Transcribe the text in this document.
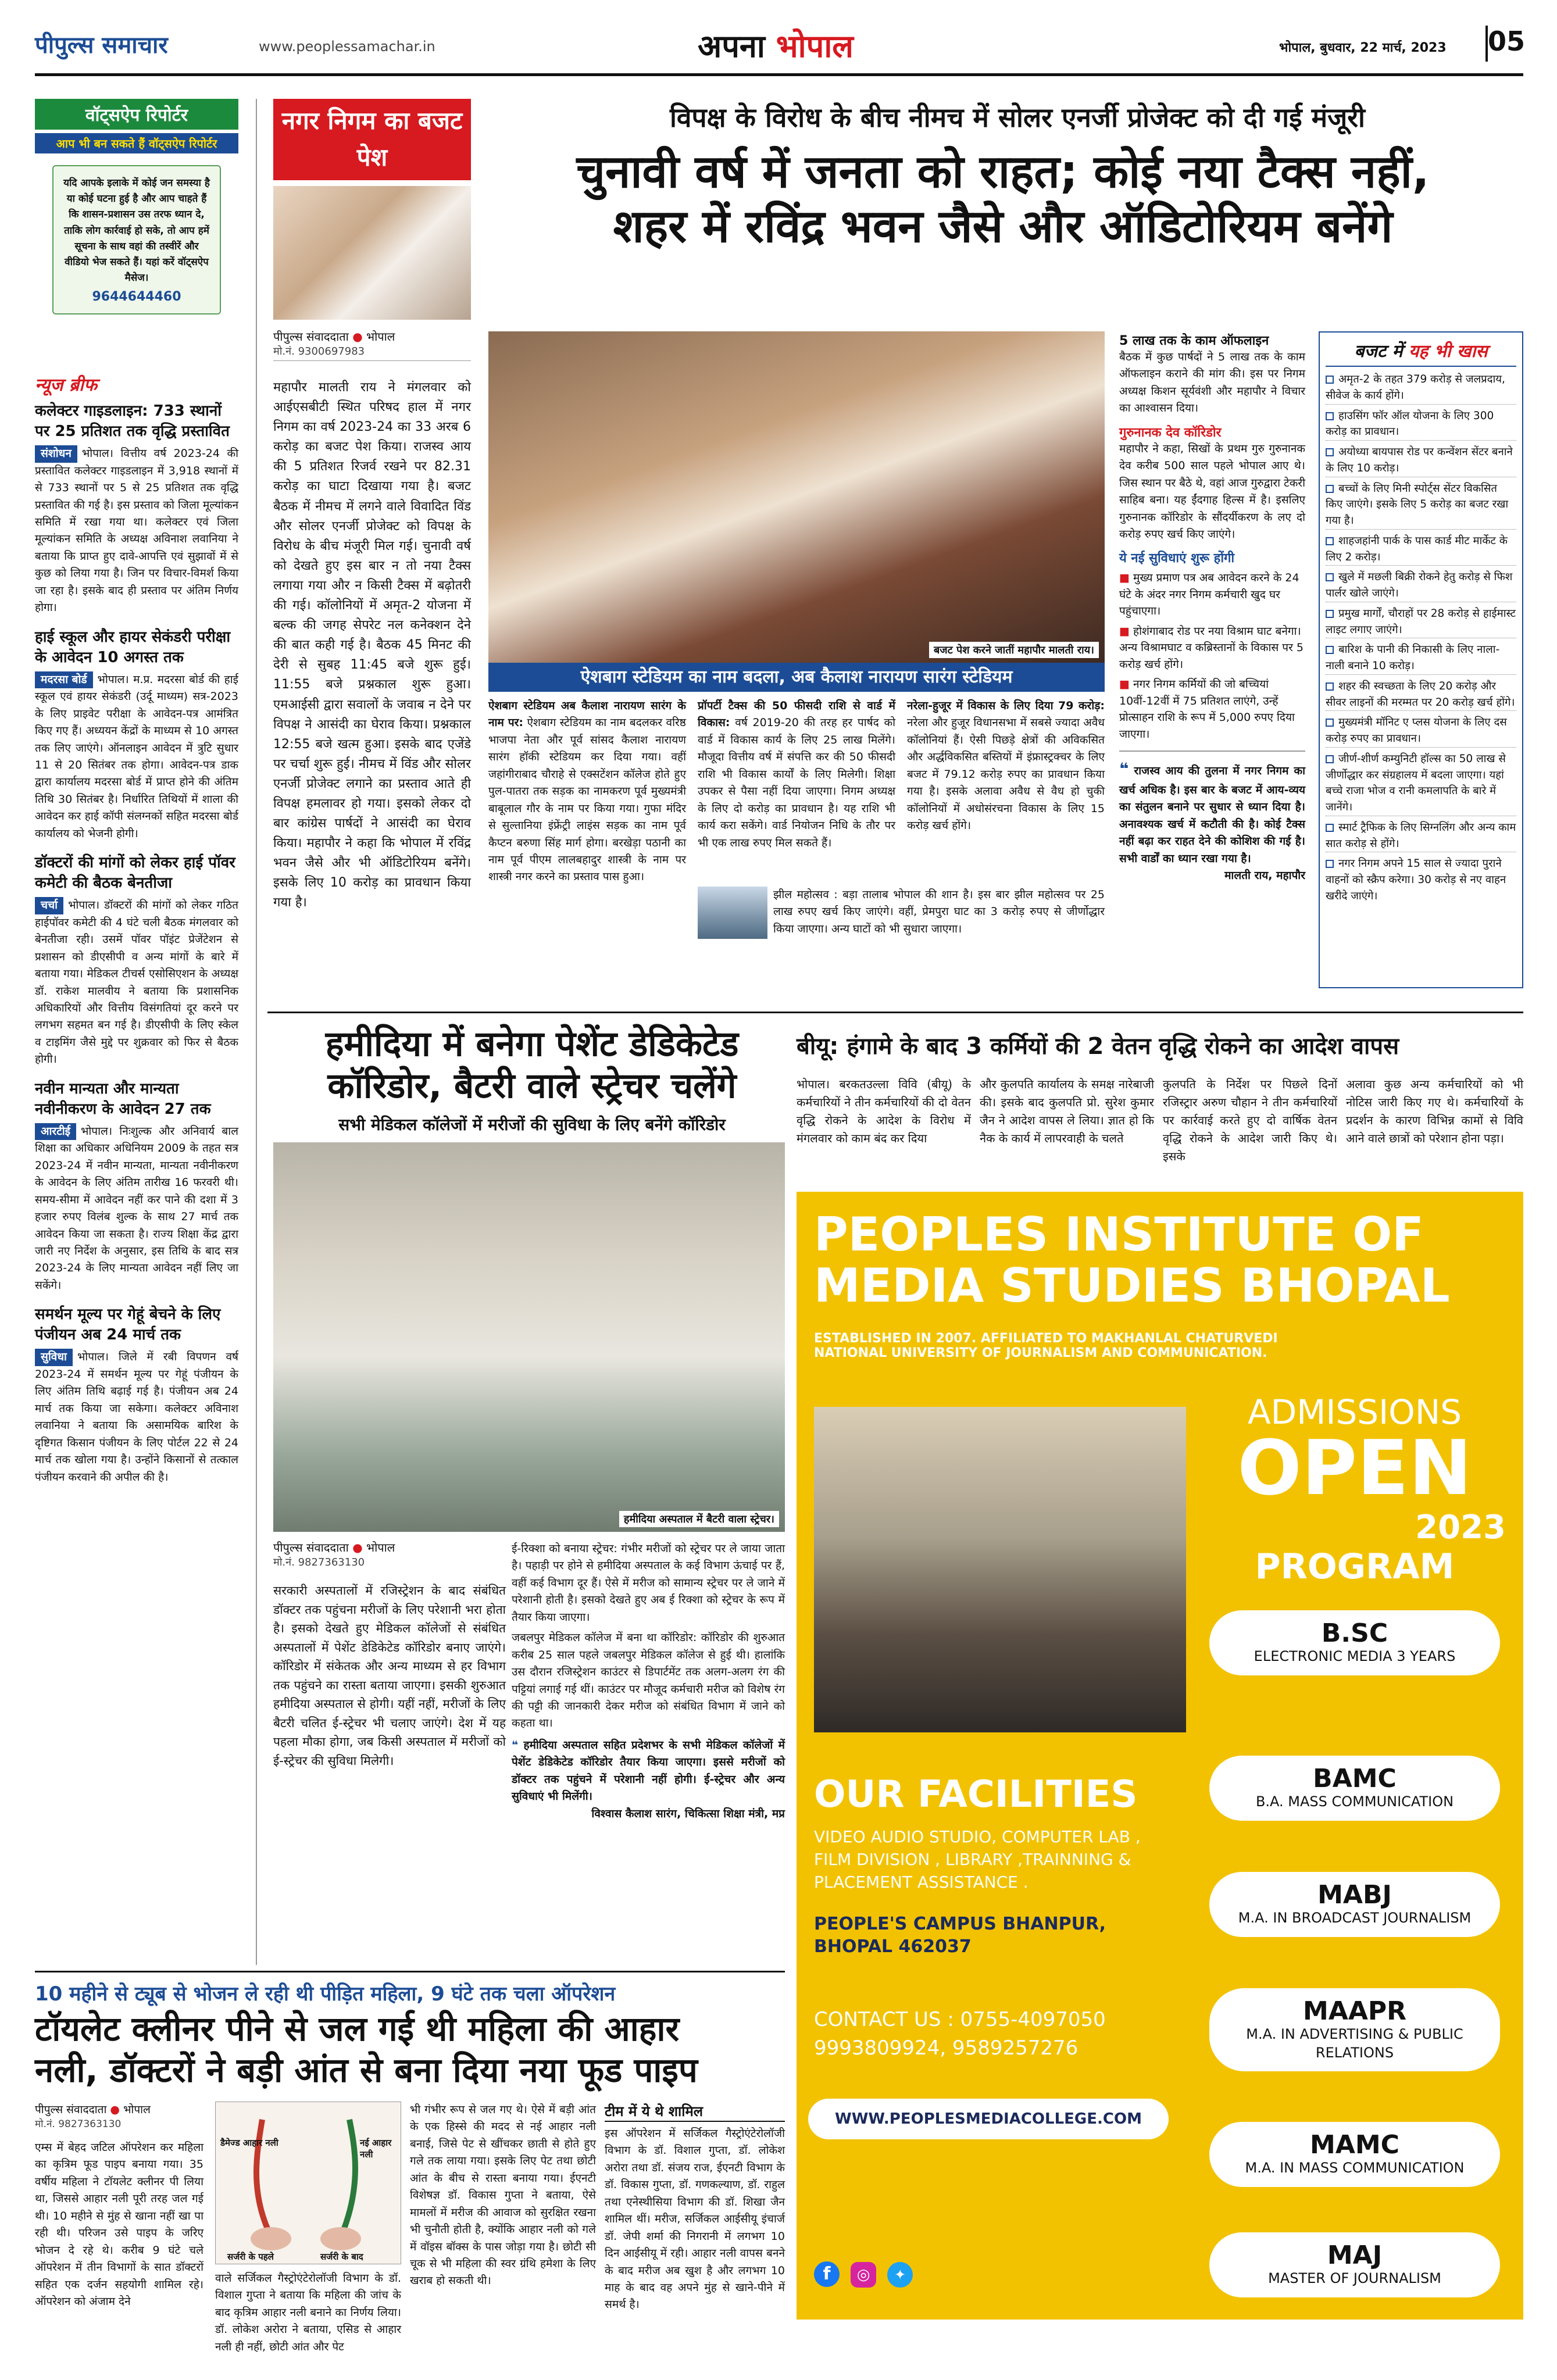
पीपुल्स समाचार	www.peoplessamachar.in	अपना भोपाल	भोपाल, बुधवार, 22 मार्च, 2023 05
वॉट्सऐप रिपोर्टर
आप भी बन सकते हैं वॉट्सऐप रिपोर्टर
यदि आपके इलाके में कोई जन समस्या है या कोई घटना हुई है और आप चाहते हैं कि शासन-प्रशासन उस तरफ ध्यान दे, ताकि लोग कार्रवाई हो सके, तो आप हमें सूचना के साथ वहां की तस्वीरें और वीडियो भेज सकते हैं। यहां करें वॉट्सऐप मैसेज।
9644644460
न्यूज ब्रीफ
कलेक्टर गाइडलाइन: 733 स्थानों पर 25 प्रतिशत तक वृद्धि प्रस्तावित
संशोधन भोपाल। वित्तीय वर्ष 2023-24 की प्रस्तावित कलेक्टर गाइडलाइन में 3,918 स्थानों में से 733 स्थानों पर 5 से 25 प्रतिशत तक वृद्धि प्रस्तावित की गई है। इस प्रस्ताव को जिला मूल्यांकन समिति में रखा गया था। कलेक्टर एवं जिला मूल्यांकन समिति के अध्यक्ष अविनाश लवानिया ने बताया कि प्राप्त हुए दावे-आपत्ति एवं सुझावों में से कुछ को लिया गया है। जिन पर विचार-विमर्श किया जा रहा है। इसके बाद ही प्रस्ताव पर अंतिम निर्णय होगा।
हाई स्कूल और हायर सेकंडरी परीक्षा के आवेदन 10 अगस्त तक
मदरसा बोर्ड भोपाल। म.प्र. मदरसा बोर्ड की हाई स्कूल एवं हायर सेकंडरी (उर्दू माध्यम) सत्र-2023 के लिए प्राइवेट परीक्षा के आवेदन-पत्र आमंत्रित किए गए हैं। अध्ययन केंद्रों के माध्यम से 10 अगस्त तक लिए जाएंगे। ऑनलाइन आवेदन में त्रुटि सुधार 11 से 20 सितंबर तक होगा। आवेदन-पत्र डाक द्वारा कार्यालय मदरसा बोर्ड में प्राप्त होने की अंतिम तिथि 30 सितंबर है। निर्धारित तिथियों में शाला की आवेदन कर हाई कॉपी संलग्नकों सहित मदरसा बोर्ड कार्यालय को भेजनी होगी।
डॉक्टरों की मांगों को लेकर हाई पॉवर कमेटी की बैठक बेनतीजा
चर्चा भोपाल। डॉक्टरों की मांगों को लेकर गठित हाईपॉवर कमेटी की 4 घंटे चली बैठक मंगलवार को बेनतीजा रही। उसमें पॉवर पॉइंट प्रेजेंटेशन से प्रशासन को डीएसीपी व अन्य मांगों के बारे में बताया गया। मेडिकल टीचर्स एसोसिएशन के अध्यक्ष डॉ. राकेश मालवीय ने बताया कि प्रशासनिक अधिकारियों और वित्तीय विसंगतियां दूर करने पर लगभग सहमत बन गई है। डीएसीपी के लिए स्केल व टाइमिंग जैसे मुद्दे पर शुक्रवार को फिर से बैठक होगी।
नवीन मान्यता और मान्यता नवीनीकरण के आवेदन 27 तक
आरटीई भोपाल। निःशुल्क और अनिवार्य बाल शिक्षा का अधिकार अधिनियम 2009 के तहत सत्र 2023-24 में नवीन मान्यता, मान्यता नवीनीकरण के आवेदन के लिए अंतिम तारीख 16 फरवरी थी। समय-सीमा में आवेदन नहीं कर पाने की दशा में 3 हजार रुपए विलंब शुल्क के साथ 27 मार्च तक आवेदन किया जा सकता है। राज्य शिक्षा केंद्र द्वारा जारी नए निर्देश के अनुसार, इस तिथि के बाद सत्र 2023-24 के लिए मान्यता आवेदन नहीं लिए जा सकेंगे।
समर्थन मूल्य पर गेहूं बेचने के लिए पंजीयन अब 24 मार्च तक
सुविधा भोपाल। जिले में रबी विपणन वर्ष 2023-24 में समर्थन मूल्य पर गेहूं पंजीयन के लिए अंतिम तिथि बढ़ाई गई है। पंजीयन अब 24 मार्च तक किया जा सकेगा। कलेक्टर अविनाश लवानिया ने बताया कि असामयिक बारिश के दृष्टिगत किसान पंजीयन के लिए पोर्टल 22 से 24 मार्च तक खोला गया है। उन्होंने किसानों से तत्काल पंजीयन करवाने की अपील की है।
नगर निगम का बजट पेश
विपक्ष के विरोध के बीच नीमच में सोलर एनर्जी प्रोजेक्ट को दी गई मंजूरी
चुनावी वर्ष में जनता को राहत; कोई नया टैक्स नहीं,
शहर में रविंद्र भवन जैसे और ऑडिटोरियम बनेंगे
पीपुल्स संवाददाता ● भोपाल
मो.नं. 9300697983
महापौर मालती राय ने मंगलवार को आईएसबीटी स्थित परिषद हाल में नगर निगम का वर्ष 2023-24 का 33 अरब 6 करोड़ का बजट पेश किया। राजस्व आय की 5 प्रतिशत रिजर्व रखने पर 82.31 करोड़ का घाटा दिखाया गया है। बजट बैठक में नीमच में लगने वाले विवादित विंड और सोलर एनर्जी प्रोजेक्ट को विपक्ष के विरोध के बीच मंजूरी मिल गई। चुनावी वर्ष को देखते हुए इस बार न तो नया टैक्स लगाया गया और न किसी टैक्स में बढ़ोतरी की गई। कॉलोनियों में अमृत-2 योजना में बल्क की जगह सेपरेट नल कनेक्शन देने की बात कही गई है। बैठक 45 मिनट की देरी से सुबह 11:45 बजे शुरू हुई। 11:55 बजे प्रश्नकाल शुरू हुआ। एमआईसी द्वारा सवालों के जवाब न देने पर विपक्ष ने आसंदी का घेराव किया। प्रश्नकाल 12:55 बजे खत्म हुआ। इसके बाद एजेंडे पर चर्चा शुरू हुई। नीमच में विंड और सोलर एनर्जी प्रोजेक्ट लगाने का प्रस्ताव आते ही विपक्ष हमलावर हो गया। इसको लेकर दो बार कांग्रेस पार्षदों ने आसंदी का घेराव किया। महापौर ने कहा कि भोपाल में रविंद्र भवन जैसे और भी ऑडिटोरियम बनेंगे। इसके लिए 10 करोड़ का प्रावधान किया गया है।
बजट पेश करने जातीं महापौर मालती राय।
ऐशबाग स्टेडियम का नाम बदला, अब कैलाश नारायण सारंग स्टेडियम
ऐशबाग स्टेडियम अब कैलाश नारायण सारंग के नाम पर: ऐशबाग स्टेडियम का नाम बदलकर वरिष्ठ भाजपा नेता और पूर्व सांसद कैलाश नारायण सारंग हॉकी स्टेडियम कर दिया गया। वहीं जहांगीराबाद चौराहे से एक्सटेंशन कॉलेज होते हुए पुल-पातरा तक सड़क का नामकरण पूर्व मुख्यमंत्री बाबूलाल गौर के नाम पर किया गया। गुफा मंदिर से सुल्तानिया इंफ्रेंट्री लाइंस सड़क का नाम पूर्व कैप्टन बरुणा सिंह मार्ग होगा। बरखेड़ा पठानी का नाम पूर्व पीएम लालबहादुर शास्त्री के नाम पर शास्त्री नगर करने का प्रस्ताव पास हुआ।
प्रॉपर्टी टैक्स की 50 फीसदी राशि से वार्ड में विकास: वर्ष 2019-20 की तरह हर पार्षद को वार्ड में विकास कार्य के लिए 25 लाख मिलेंगे। मौजूदा वित्तीय वर्ष में संपत्ति कर की 50 फीसदी राशि भी विकास कार्यों के लिए मिलेगी। शिक्षा उपकर से पैसा नहीं दिया जाएगा। निगम अध्यक्ष के लिए दो करोड़ का प्रावधान है। यह राशि भी कार्य करा सकेंगे। वार्ड नियोजन निधि के तौर पर भी एक लाख रुपए मिल सकते हैं।
नरेला-हुजूर में विकास के लिए दिया 79 करोड़: नरेला और हुजूर विधानसभा में सबसे ज्यादा अवैध कॉलोनियां हैं। ऐसी पिछड़े क्षेत्रों की अविकसित और अर्द्धविकसित बस्तियों में इंफ्रास्ट्रक्चर के लिए बजट में 79.12 करोड़ रुपए का प्रावधान किया गया है। इसके अलावा अवैध से वैध हो चुकी कॉलोनियों में अधोसंरचना विकास के लिए 15 करोड़ खर्च होंगे।
झील महोत्सव : बड़ा तालाब भोपाल की शान है। इस बार झील महोत्सव पर 25 लाख रुपए खर्च किए जाएंगे। वहीं, प्रेमपुरा घाट का 3 करोड़ रुपए से जीर्णोद्धार किया जाएगा। अन्य घाटों को भी सुधारा जाएगा।
5 लाख तक के काम ऑफलाइन
बैठक में कुछ पार्षदों ने 5 लाख तक के काम ऑफलाइन कराने की मांग की। इस पर निगम अध्यक्ष किशन सूर्यवंशी और महापौर ने विचार का आश्वासन दिया।
गुरुनानक देव कॉरिडोर
महापौर ने कहा, सिखों के प्रथम गुरु गुरुनानक देव करीब 500 साल पहले भोपाल आए थे। जिस स्थान पर बैठे थे, वहां आज गुरुद्वारा टेकरी साहिब बना। यह ईंदगाह हिल्स में है। इसलिए गुरुनानक कॉरिडोर के सौंदर्यीकरण के लए दो करोड़ रुपए खर्च किए जाएंगे।
ये नई सुविधाएं शुरू होंगी
■ मुख्य प्रमाण पत्र अब आवेदन करने के 24 घंटे के अंदर नगर निगम कर्मचारी खुद घर पहुंचाएगा।
■ होशंगाबाद रोड पर नया विश्राम घाट बनेगा। अन्य विश्रामघाट व कब्रिस्तानों के विकास पर 5 करोड़ खर्च होंगे।
■ नगर निगम कर्मियों की जो बच्चियां 10वीं-12वीं में 75 प्रतिशत लाएंगे, उन्हें प्रोत्साहन राशि के रूप में 5,000 रुपए दिया जाएगा।
❝ राजस्व आय की तुलना में नगर निगम का खर्च अधिक है। इस बार के बजट में आय-व्यय का संतुलन बनाने पर सुधार से ध्यान दिया है। अनावश्यक खर्च में कटौती की है। कोई टैक्स नहीं बढ़ा कर राहत देने की कोशिश की गई है। सभी वार्डों का ध्यान रखा गया है।
मालती राय, महापौर
बजट में यह भी खास
अमृत-2 के तहत 379 करोड़ से जलप्रदाय, सीवेज के कार्य होंगे।
हाउसिंग फॉर ऑल योजना के लिए 300 करोड़ का प्रावधान।
अयोध्या बायपास रोड पर कन्वेंशन सेंटर बनाने के लिए 10 करोड़।
बच्चों के लिए मिनी स्पोर्ट्स सेंटर विकसित किए जाएंगे। इसके लिए 5 करोड़ का बजट रखा गया है।
शाहजहांनी पार्क के पास कार्ड मीट मार्केट के लिए 2 करोड़।
खुले में मछली बिक्री रोकने हेतु करोड़ से फिश पार्लर खोले जाएंगे।
प्रमुख मार्गों, चौराहों पर 28 करोड़ से हाईमास्ट लाइट लगाए जाएंगे।
बारिश के पानी की निकासी के लिए नाला-नाली बनाने 10 करोड़।
शहर की स्वच्छता के लिए 20 करोड़ और सीवर लाइनों की मरम्मत पर 20 करोड़ खर्च होंगे।
मुख्यमंत्री मॉनिट ए प्लस योजना के लिए दस करोड़ रुपए का प्रावधान।
जीर्ण-शीर्ण कम्युनिटी हॉल्स का 50 लाख से जीर्णोद्धार कर संग्रहालय में बदला जाएगा। यहां बच्चे राजा भोज व रानी कमलापति के बारे में जानेंगे।
स्मार्ट ट्रैफिक के लिए सिग्नलिंग और अन्य काम सात करोड़ से होंगे।
नगर निगम अपने 15 साल से ज्यादा पुराने वाहनों को स्क्रैप करेगा। 30 करोड़ से नए वाहन खरीदे जाएंगे।
हमीदिया में बनेगा पेशेंट डेडिकेटेड
कॉरिडोर, बैटरी वाले स्ट्रेचर चलेंगे
सभी मेडिकल कॉलेजों में मरीजों की सुविधा के लिए बनेंगे कॉरिडोर
हमीदिया अस्पताल में बैटरी वाला स्ट्रेचर।
पीपुल्स संवाददाता ● भोपाल
मो.नं. 9827363130
सरकारी अस्पतालों में रजिस्ट्रेशन के बाद संबंधित डॉक्टर तक पहुंचना मरीजों के लिए परेशानी भरा होता है। इसको देखते हुए मेडिकल कॉलेजों से संबंधित अस्पतालों में पेशेंट डेडिकेटेड कॉरिडोर बनाए जाएंगे। कॉरिडोर में संकेतक और अन्य माध्यम से हर विभाग तक पहुंचने का रास्ता बताया जाएगा। इसकी शुरुआत हमीदिया अस्पताल से होगी। यहीं नहीं, मरीजों के लिए बैटरी चलित ई-स्ट्रेचर भी चलाए जाएंगे। देश में यह पहला मौका होगा, जब किसी अस्पताल में मरीजों को ई-स्ट्रेचर की सुविधा मिलेगी।
ई-रिक्शा को बनाया स्ट्रेचर: गंभीर मरीजों को स्ट्रेचर पर ले जाया जाता है। पहाड़ी पर होने से हमीदिया अस्पताल के कई विभाग ऊंचाई पर हैं, वहीं कई विभाग दूर हैं। ऐसे में मरीज को सामान्य स्ट्रेचर पर ले जाने में परेशानी होती है। इसको देखते हुए अब ई रिक्शा को स्ट्रेचर के रूप में तैयार किया जाएगा।
जबलपुर मेडिकल कॉलेज में बना था कॉरिडोर: कॉरिडोर की शुरुआत करीब 25 साल पहले जबलपुर मेडिकल कॉलेज से हुई थी। हालांकि उस दौरान रजिस्ट्रेशन काउंटर से डिपार्टमेंट तक अलग-अलग रंग की पट्टियां लगाई गई थीं। काउंटर पर मौजूद कर्मचारी मरीज को विशेष रंग की पट्टी की जानकारी देकर मरीज को संबंधित विभाग में जाने को कहता था।
❝ हमीदिया अस्पताल सहित प्रदेशभर के सभी मेडिकल कॉलेजों में पेशेंट डेडिकेटेड कॉरिडोर तैयार किया जाएगा। इससे मरीजों को डॉक्टर तक पहुंचने में परेशानी नहीं होगी। ई-स्ट्रेचर और अन्य सुविधाएं भी मिलेंगी।
विश्वास कैलाश सारंग, चिकित्सा शिक्षा मंत्री, मप्र
बीयू: हंगामे के बाद 3 कर्मियों की 2 वेतन वृद्धि रोकने का आदेश वापस
भोपाल। बरकतउल्ला विवि (बीयू) के कर्मचारियों ने तीन कर्मचारियों की दो वेतन वृद्धि रोकने के आदेश के विरोध में मंगलवार को काम बंद कर दिया
और कुलपति कार्यालय के समक्ष नारेबाजी की। इसके बाद कुलपति प्रो. सुरेश कुमार जैन ने आदेश वापस ले लिया। ज्ञात हो कि नैक के कार्य में लापरवाही के चलते
कुलपति के निर्देश पर पिछले दिनों रजिस्ट्रार अरुण चौहान ने तीन कर्मचारियों पर कार्रवाई करते हुए दो वार्षिक वेतन वृद्धि रोकने के आदेश जारी किए थे। इसके
अलावा कुछ अन्य कर्मचारियों को भी नोटिस जारी किए गए थे। कर्मचारियों के प्रदर्शन के कारण विभिन्न कामों से विवि आने वाले छात्रों को परेशान होना पड़ा।
PEOPLES INSTITUTE OF MEDIA STUDIES BHOPAL
ESTABLISHED IN 2007. AFFILIATED TO MAKHANLAL CHATURVEDI NATIONAL UNIVERSITY OF JOURNALISM AND COMMUNICATION.
ADMISSIONS
OPEN
2023
PROGRAM
B.SC
ELECTRONIC MEDIA 3 YEARS
BAMC
B.A. MASS COMMUNICATION
MABJ
M.A. IN BROADCAST JOURNALISM
MAAPR
M.A. IN ADVERTISING & PUBLIC RELATIONS
MAMC
M.A. IN MASS COMMUNICATION
MAJ
MASTER OF JOURNALISM
OUR FACILITIES
VIDEO AUDIO STUDIO, COMPUTER LAB , FILM DIVISION , LIBRARY ,TRAINNING & PLACEMENT ASSISTANCE .
PEOPLE'S CAMPUS BHANPUR,
BHOPAL 462037
CONTACT US : 0755-4097050
9993809924, 9589257276
WWW.PEOPLESMEDIACOLLEGE.COM
f ◎ ✦
10 महीने से ट्यूब से भोजन ले रही थी पीड़ित महिला, 9 घंटे तक चला ऑपरेशन
टॉयलेट क्लीनर पीने से जल गई थी महिला की आहार
नली, डॉक्टरों ने बड़ी आंत से बना दिया नया फूड पाइप
पीपुल्स संवाददाता ● भोपाल
मो.नं. 9827363130
एम्स में बेहद जटिल ऑपरेशन कर महिला का कृत्रिम फूड पाइप बनाया गया। 35 वर्षीय महिला ने टॉयलेट क्लीनर पी लिया था, जिससे आहार नली पूरी तरह जल गई थी। 10 महीने से मुंह से खाना नहीं खा पा रही थी। परिजन उसे पाइप के जरिए भोजन दे रहे थे। करीब 9 घंटे चले ऑपरेशन में तीन विभागों के सात डॉक्टरों सहित एक दर्जन सहयोगी शामिल रहे। ऑपरेशन को अंजाम देने
डैमेज्ड आहार नली	नई आहार नली
सर्जरी के पहले	सर्जरी के बाद
वाले सर्जिकल गैस्ट्रोएंटेरोलॉजी विभाग के डॉ. विशाल गुप्ता ने बताया कि महिला की जांच के बाद कृत्रिम आहार नली बनाने का निर्णय लिया। डॉ. लोकेश अरोरा ने बताया, एसिड से आहार नली ही नहीं, छोटी आंत और पेट
भी गंभीर रूप से जल गए थे। ऐसे में बड़ी आंत के एक हिस्से की मदद से नई आहार नली बनाई, जिसे पेट से खींचकर छाती से होते हुए गले तक लाया गया। इसके लिए पेट तथा छोटी आंत के बीच से रास्ता बनाया गया। ईएनटी विशेषज्ञ डॉ. विकास गुप्ता ने बताया, ऐसे मामलों में मरीज की आवाज को सुरक्षित रखना भी चुनौती होती है, क्योंकि आहार नली को गले में वॉइस बॉक्स के पास जोड़ा गया है। छोटी सी चूक से भी महिला की स्वर ग्रंथि हमेशा के लिए खराब हो सकती थी।
टीम में ये थे शामिल
इस ऑपरेशन में सर्जिकल गैस्ट्रोएंटेरोलॉजी विभाग के डॉ. विशाल गुप्ता, डॉ. लोकेश अरोरा तथा डॉ. संजय राज, ईएनटी विभाग के डॉ. विकास गुप्ता, डॉ. गणकल्याण, डॉ. राहुल तथा एनेस्थीसिया विभाग की डॉ. शिखा जैन शामिल थीं। मरीज, सर्जिकल आईसीयू इंचार्ज डॉ. जेपी शर्मा की निगरानी में लगभग 10 दिन आईसीयू में रही। आहार नली वापस बनने के बाद मरीज अब खुश है और लगभग 10 माह के बाद वह अपने मुंह से खाने-पीने में समर्थ है।
